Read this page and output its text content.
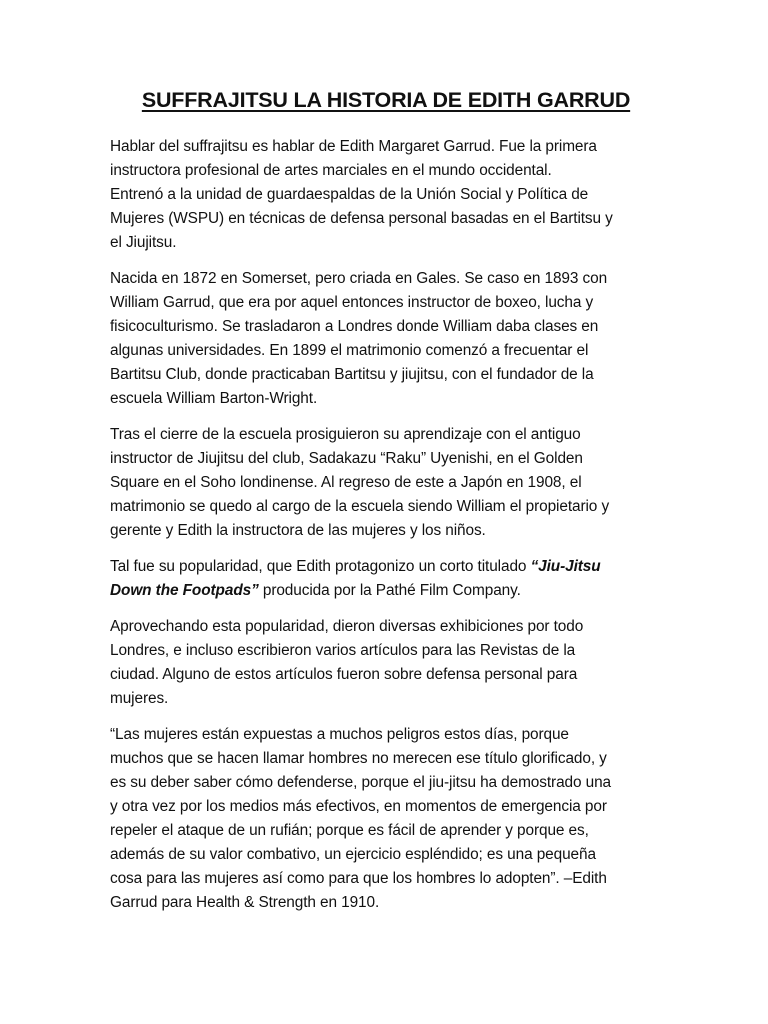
SUFFRAJITSU LA HISTORIA DE EDITH GARRUD

Hablar del suffrajitsu es hablar de Edith Margaret Garrud. Fue la primera
instructora profesional de artes marciales en el mundo occidental.
Entrenó a la unidad de guardaespaldas de la Unión Social y Política de
Mujeres (WSPU) en técnicas de defensa personal basadas en el Bartitsu y
el Jiujitsu.

Nacida en 1872 en Somerset, pero criada en Gales. Se caso en 1893 con
William Garrud, que era por aquel entonces instructor de boxeo, lucha y
fisicoculturismo. Se trasladaron a Londres donde William daba clases en
algunas universidades. En 1899 el matrimonio comenzó a frecuentar el
Bartitsu Club, donde practicaban Bartitsu y jiujitsu, con el fundador de la
escuela William Barton-Wright.

Tras el cierre de la escuela prosiguieron su aprendizaje con el antiguo
instructor de Jiujitsu del club, Sadakazu “Raku” Uyenishi, en el Golden
Square en el Soho londinense. Al regreso de este a Japón en 1908, el
matrimonio se quedo al cargo de la escuela siendo William el propietario y
gerente y Edith la instructora de las mujeres y los niños.

Tal fue su popularidad, que Edith protagonizo un corto titulado “Jiu-Jitsu
Down the Footpads” producida por la Pathé Film Company.

Aprovechando esta popularidad, dieron diversas exhibiciones por todo
Londres, e incluso escribieron varios artículos para las Revistas de la
ciudad. Alguno de estos artículos fueron sobre defensa personal para
mujeres.

“Las mujeres están expuestas a muchos peligros estos días, porque
muchos que se hacen llamar hombres no merecen ese título glorificado, y
es su deber saber cómo defenderse, porque el jiu-jitsu ha demostrado una
y otra vez por los medios más efectivos, en momentos de emergencia por
repeler el ataque de un rufián; porque es fácil de aprender y porque es,
además de su valor combativo, un ejercicio espléndido; es una pequeña
cosa para las mujeres así como para que los hombres lo adopten”. –Edith
Garrud para Health & Strength en 1910.
